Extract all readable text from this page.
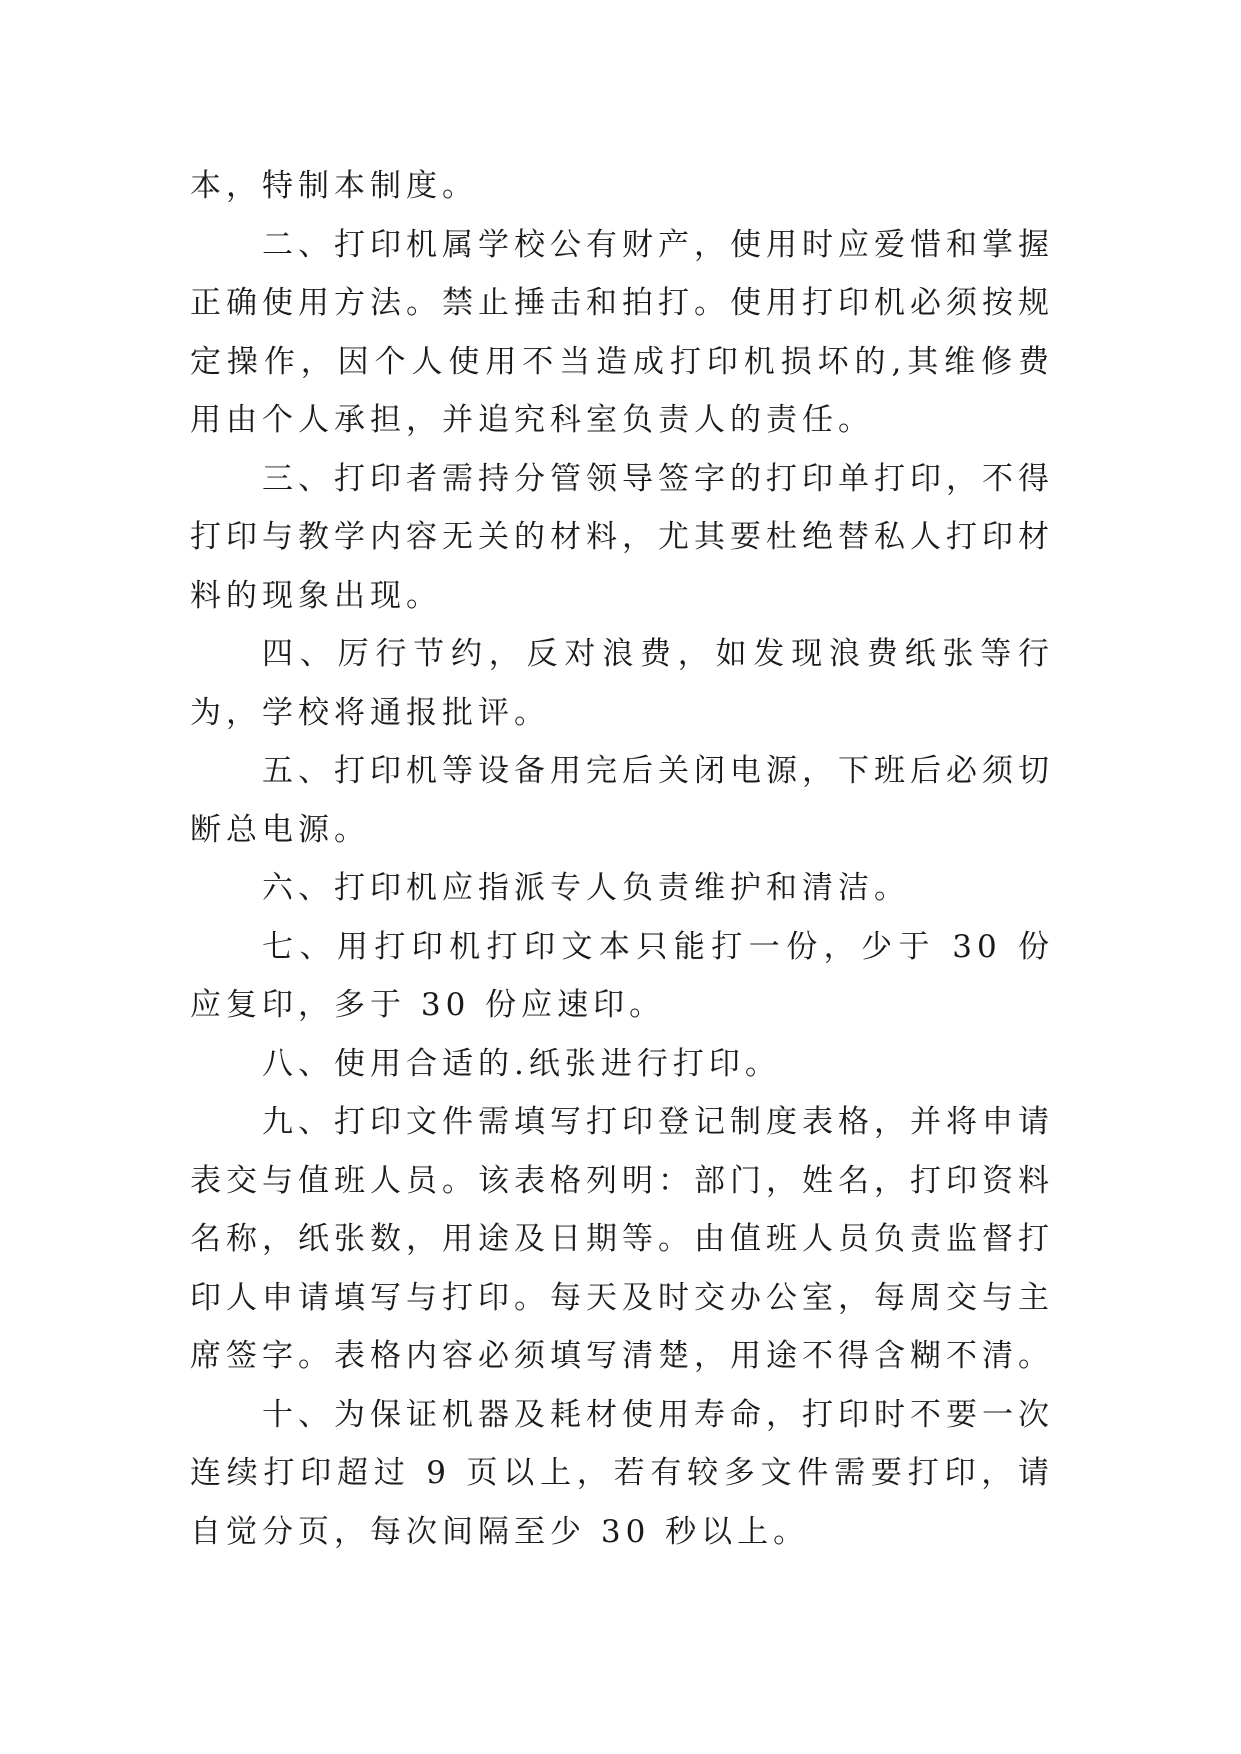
本，特制本制度。

二、打印机属学校公有财产，使用时应爱惜和掌握正确使用方法。禁止捶击和拍打。使用打印机必须按规定操作，因个人使用不当造成打印机损坏的,其维修费用由个人承担，并追究科室负责人的责任。

三、打印者需持分管领导签字的打印单打印，不得打印与教学内容无关的材料，尤其要杜绝替私人打印材料的现象出现。

四、厉行节约，反对浪费，如发现浪费纸张等行为，学校将通报批评。

五、打印机等设备用完后关闭电源，下班后必须切断总电源。

六、打印机应指派专人负责维护和清洁。

七、用打印机打印文本只能打一份，少于 30 份应复印，多于 30 份应速印。

八、使用合适的.纸张进行打印。

九、打印文件需填写打印登记制度表格，并将申请表交与值班人员。该表格列明：部门，姓名，打印资料名称，纸张数，用途及日期等。由值班人员负责监督打印人申请填写与打印。每天及时交办公室，每周交与主席签字。表格内容必须填写清楚，用途不得含糊不清。

十、为保证机器及耗材使用寿命，打印时不要一次连续打印超过 9 页以上，若有较多文件需要打印，请自觉分页，每次间隔至少 30 秒以上。
